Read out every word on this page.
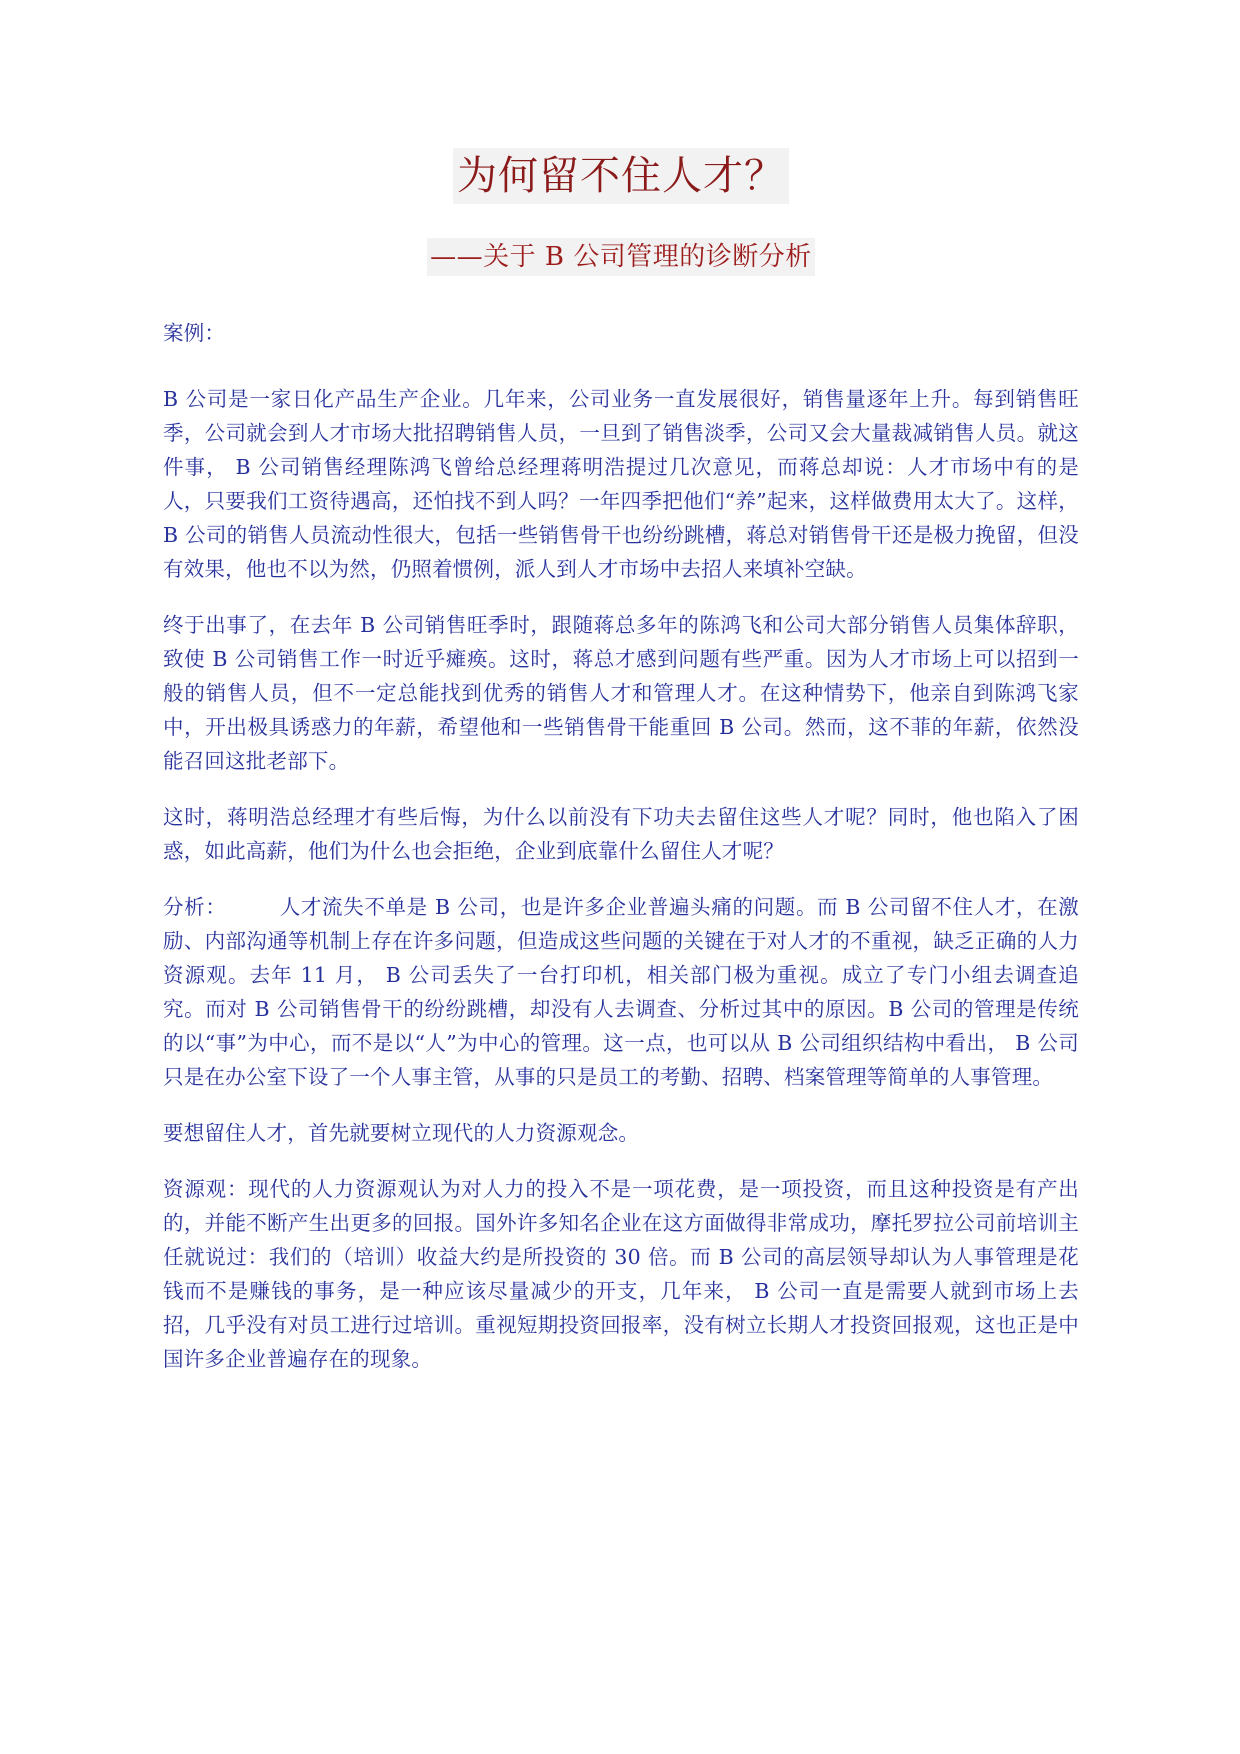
为何留不住人才？
——关于 B 公司管理的诊断分析

案例：

B 公司是一家日化产品生产企业。几年来，公司业务一直发展很好，销售量逐年上升。每到销售旺季，公司就会到人才市场大批招聘销售人员，一旦到了销售淡季，公司又会大量裁减销售人员。就这件事， B 公司销售经理陈鸿飞曾给总经理蒋明浩提过几次意见，而蒋总却说：人才市场中有的是人，只要我们工资待遇高，还怕找不到人吗？一年四季把他们“养”起来，这样做费用太大了。这样， B 公司的销售人员流动性很大，包括一些销售骨干也纷纷跳槽，蒋总对销售骨干还是极力挽留，但没有效果，他也不以为然，仍照着惯例，派人到人才市场中去招人来填补空缺。

终于出事了，在去年 B 公司销售旺季时，跟随蒋总多年的陈鸿飞和公司大部分销售人员集体辞职，致使 B 公司销售工作一时近乎瘫痪。这时，蒋总才感到问题有些严重。因为人才市场上可以招到一般的销售人员，但不一定总能找到优秀的销售人才和管理人才。在这种情势下，他亲自到陈鸿飞家中，开出极具诱惑力的年薪，希望他和一些销售骨干能重回 B 公司。然而，这不菲的年薪，依然没能召回这批老部下。

这时，蒋明浩总经理才有些后悔，为什么以前没有下功夫去留住这些人才呢？同时，他也陷入了困惑，如此高薪，他们为什么也会拒绝，企业到底靠什么留住人才呢？

分析：　　　人才流失不单是 B 公司，也是许多企业普遍头痛的问题。而 B 公司留不住人才，在激励、内部沟通等机制上存在许多问题，但造成这些问题的关键在于对人才的不重视，缺乏正确的人力资源观。去年 11 月， B 公司丢失了一台打印机，相关部门极为重视。成立了专门小组去调查追究。而对 B 公司销售骨干的纷纷跳槽，却没有人去调查、分析过其中的原因。B 公司的管理是传统的以“事”为中心，而不是以“人”为中心的管理。这一点，也可以从 B 公司组织结构中看出， B 公司只是在办公室下设了一个人事主管，从事的只是员工的考勤、招聘、档案管理等简单的人事管理。

要想留住人才，首先就要树立现代的人力资源观念。

资源观：现代的人力资源观认为对人力的投入不是一项花费，是一项投资，而且这种投资是有产出的，并能不断产生出更多的回报。国外许多知名企业在这方面做得非常成功，摩托罗拉公司前培训主任就说过：我们的（培训）收益大约是所投资的 30 倍。而 B 公司的高层领导却认为人事管理是花钱而不是赚钱的事务，是一种应该尽量减少的开支，几年来， B 公司一直是需要人就到市场上去招，几乎没有对员工进行过培训。重视短期投资回报率，没有树立长期人才投资回报观，这也正是中国许多企业普遍存在的现象。
